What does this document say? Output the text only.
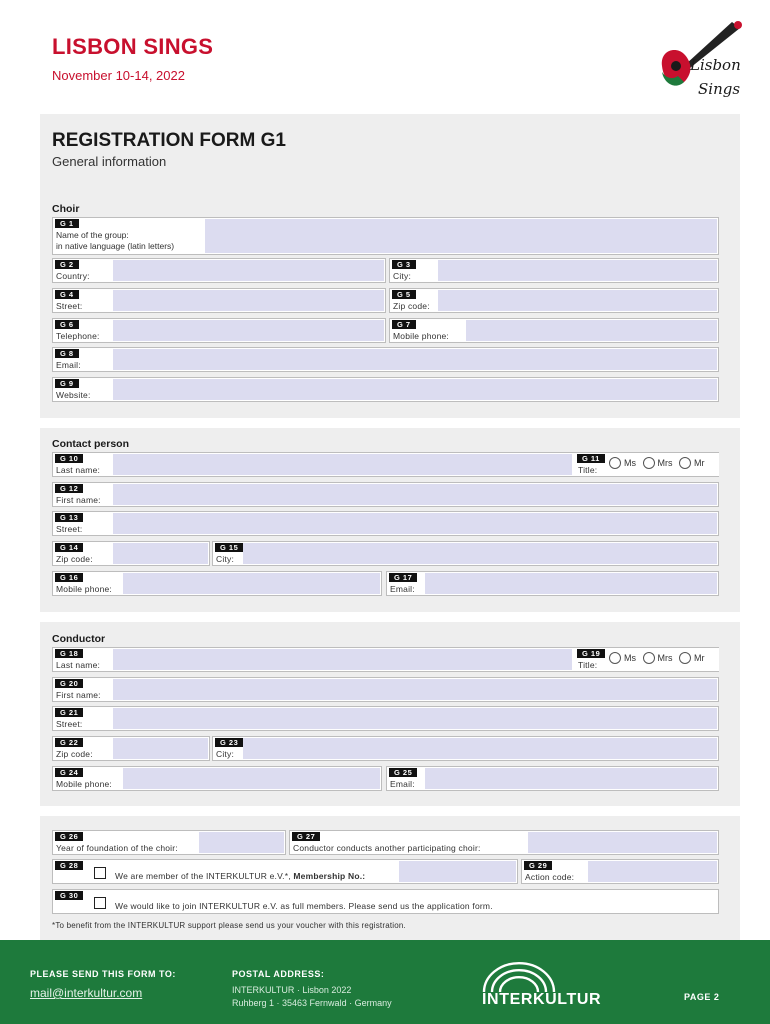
LISBON SINGS
November 10-14, 2022
Lisbon
Sings
REGISTRATION FORM G1
General information
Choir
G 1
Name of the group:
in native language (latin letters)
G 2
Country:
G 3
City:
G 4
Street:
G 5
Zip code:
G 6
Telephone:
G 7
Mobile phone:
G 8
Email:
G 9
Website:
Contact person
G 10
Last name:
G 11
Title:
Ms Mrs Mr
G 12
First name:
G 13
Street:
G 14
Zip code:
G 15
City:
G 16
Mobile phone:
G 17
Email:
Conductor
G 18
Last name:
G 19
Title:
Ms Mrs Mr
G 20
First name:
G 21
Street:
G 22
Zip code:
G 23
City:
G 24
Mobile phone:
G 25
Email:
G 26
Year of foundation of the choir:
G 27
Conductor conducts another participating choir:
G 28
We are member of the INTERKULTUR e.V.*, Membership No.:
G 29
Action code:
G 30
We would like to join INTERKULTUR e.V. as full members. Please send us the application form.
*To benefit from the INTERKULTUR support please send us your voucher with this registration.
PLEASE SEND THIS FORM TO:
mail@interkultur.com
POSTAL ADDRESS:
INTERKULTUR · Lisbon 2022
Ruhberg 1 · 35463 Fernwald · Germany	INTERKULTUR	PAGE 2
